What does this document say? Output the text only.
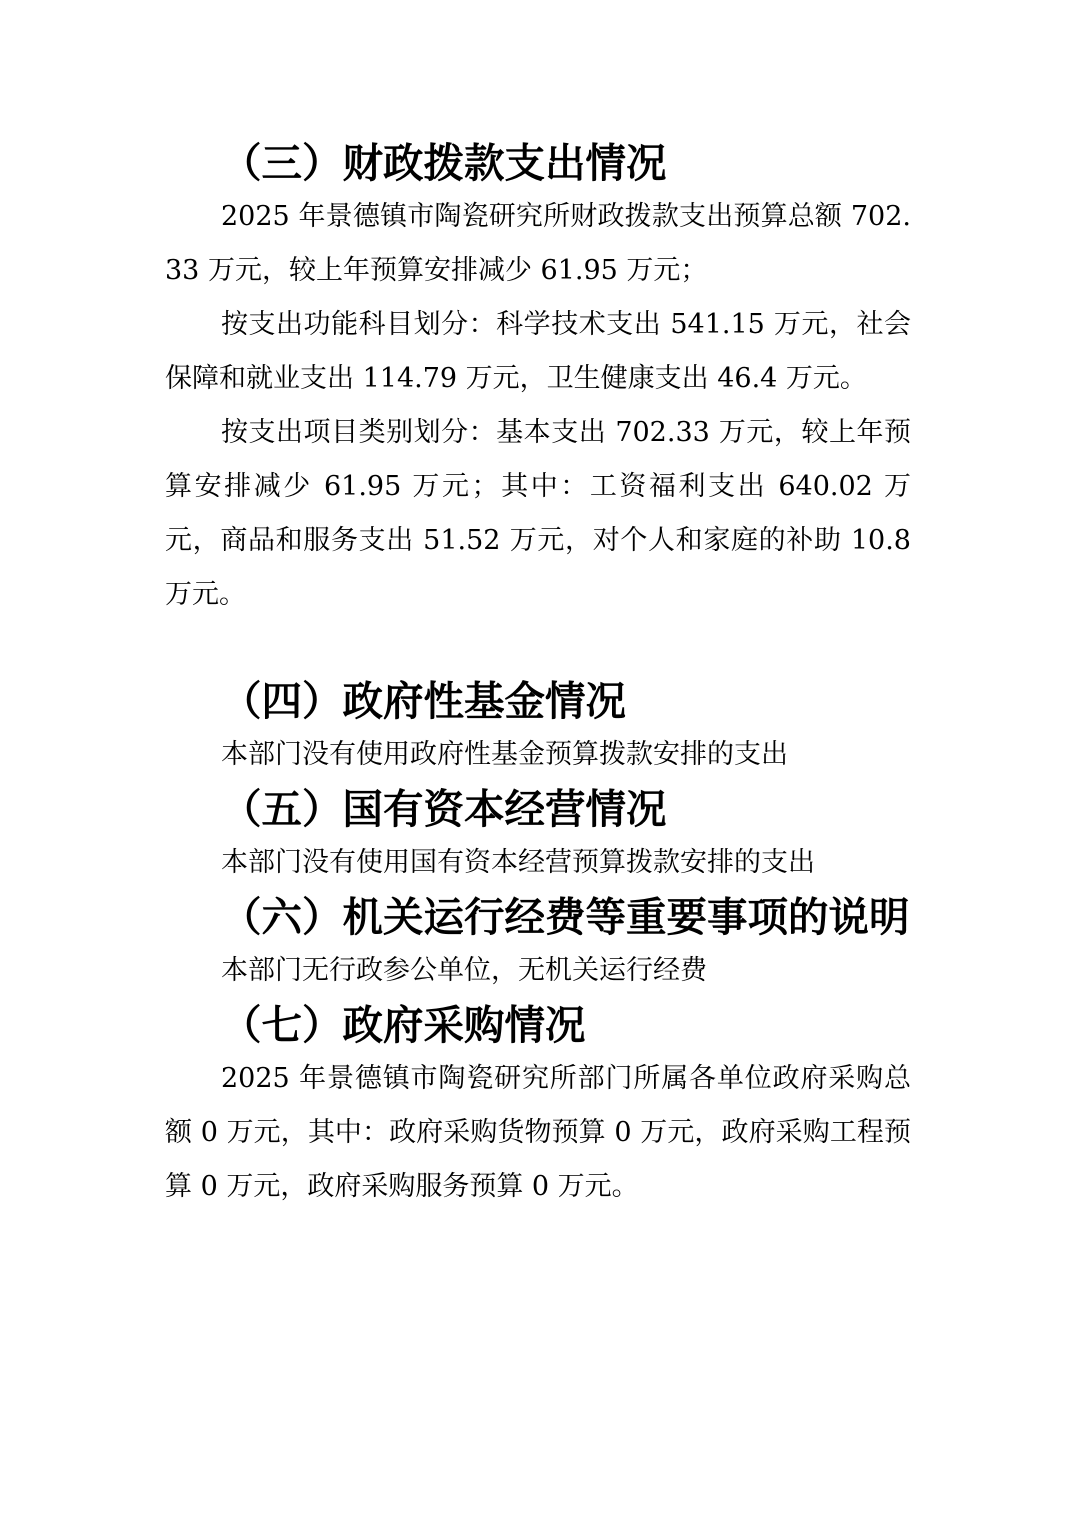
（三）财政拨款支出情况

2025 年景德镇市陶瓷研究所财政拨款支出预算总额 702.33 万元，较上年预算安排减少 61.95 万元；

按支出功能科目划分：科学技术支出 541.15 万元，社会保障和就业支出 114.79 万元，卫生健康支出 46.4 万元。

按支出项目类别划分：基本支出 702.33 万元，较上年预算安排减少 61.95 万元；其中：工资福利支出 640.02 万元，商品和服务支出 51.52 万元，对个人和家庭的补助 10.8 万元。

（四）政府性基金情况

本部门没有使用政府性基金预算拨款安排的支出

（五）国有资本经营情况

本部门没有使用国有资本经营预算拨款安排的支出

（六）机关运行经费等重要事项的说明

本部门无行政参公单位，无机关运行经费

（七）政府采购情况

2025 年景德镇市陶瓷研究所部门所属各单位政府采购总额 0 万元，其中：政府采购货物预算 0 万元，政府采购工程预算 0 万元，政府采购服务预算 0 万元。
